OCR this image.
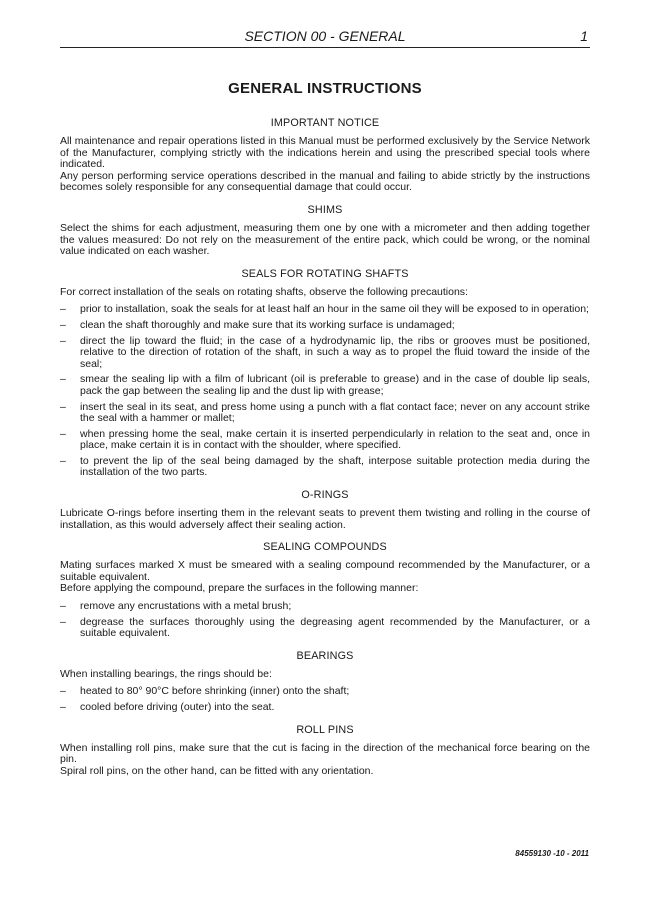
SECTION 00 - GENERAL	1
GENERAL INSTRUCTIONS
IMPORTANT NOTICE

All maintenance and repair operations listed in this Manual must be performed exclusively by the Service Network of the Manufacturer, complying strictly with the indications herein and using the prescribed special tools where indicated.

Any person performing service operations described in the manual and failing to abide strictly by the instructions becomes solely responsible for any consequential damage that could occur.

SHIMS

Select the shims for each adjustment, measuring them one by one with a micrometer and then adding together the values measured: Do not rely on the measurement of the entire pack, which could be wrong, or the nominal value indicated on each washer.

SEALS FOR ROTATING SHAFTS

For correct installation of the seals on rotating shafts, observe the following precautions:

– prior to installation, soak the seals for at least half an hour in the same oil they will be exposed to in operation;
– clean the shaft thoroughly and make sure that its working surface is undamaged;
– direct the lip toward the fluid; in the case of a hydrodynamic lip, the ribs or grooves must be positioned, relative to the direction of rotation of the shaft, in such a way as to propel the fluid toward the inside of the seal;
– smear the sealing lip with a film of lubricant (oil is preferable to grease) and in the case of double lip seals, pack the gap between the sealing lip and the dust lip with grease;
– insert the seal in its seat, and press home using a punch with a flat contact face; never on any account strike the seal with a hammer or mallet;
– when pressing home the seal, make certain it is inserted perpendicularly in relation to the seat and, once in place, make certain it is in contact with the shoulder, where specified.
– to prevent the lip of the seal being damaged by the shaft, interpose suitable protection media during the installation of the two parts.
O-RINGS

Lubricate O-rings before inserting them in the relevant seats to prevent them twisting and rolling in the course of installation, as this would adversely affect their sealing action.

SEALING COMPOUNDS

Mating surfaces marked X must be smeared with a sealing compound recommended by the Manufacturer, or a suitable equivalent.

Before applying the compound, prepare the surfaces in the following manner:

– remove any encrustations with a metal brush;
– degrease the surfaces thoroughly using the degreasing agent recommended by the Manufacturer, or a suitable equivalent.
BEARINGS

When installing bearings, the rings should be:

– heated to 80° 90°C before shrinking (inner) onto the shaft;
– cooled before driving (outer) into the seat.
ROLL PINS

When installing roll pins, make sure that the cut is facing in the direction of the mechanical force bearing on the pin.

Spiral roll pins, on the other hand, can be fitted with any orientation.

84559130 -10 - 2011
